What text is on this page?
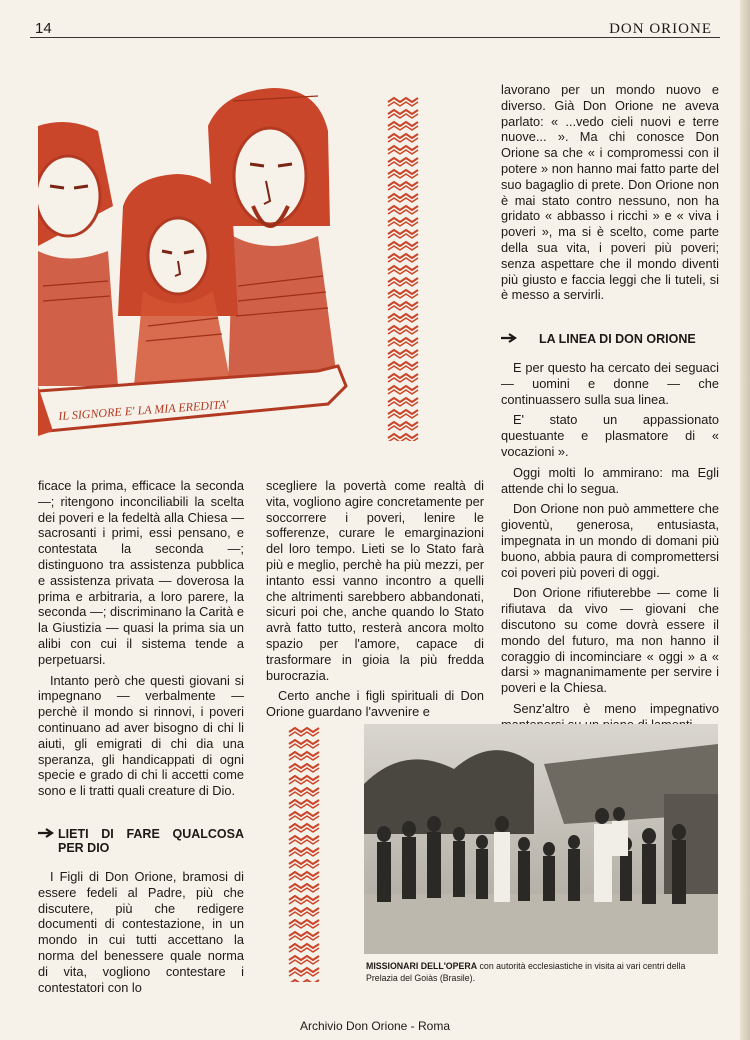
14	DON ORIONE
IL SIGNORE E' LA MIA EREDITA'

lavorano per un mondo nuovo e diverso. Già Don Orione ne aveva parlato: « ...vedo cieli nuovi e terre nuove... ». Ma chi conosce Don Orione sa che « i compromessi con il potere » non hanno mai fatto parte del suo bagaglio di prete. Don Orione non è mai stato contro nessuno, non ha gridato « abbasso i ricchi » e « viva i poveri », ma si è scelto, come parte della sua vita, i poveri più poveri; senza aspettare che il mondo diventi più giusto e faccia leggi che li tuteli, si è messo a servirli.

LA LINEA DI DON ORIONE

E per questo ha cercato dei seguaci — uomini e donne — che continuassero sulla sua linea.

E' stato un appassionato questuante e plasmatore di « vocazioni ».

Oggi molti lo ammirano: ma Egli attende chi lo segua.

Don Orione non può ammettere che gioventù, generosa, entusiasta, impegnata in un mondo di domani più buono, abbia paura di compromettersi coi poveri più poveri di oggi.

Don Orione rifiuterebbe — come li rifiutava da vivo — giovani che discutono su come dovrà essere il mondo del futuro, ma non hanno il coraggio di incominciare « oggi » a « darsi » magnanimamente per servire i poveri e la Chiesa.

Senz'altro è meno impegnativo

ficace la prima, efficace la seconda —; ritengono inconciliabili la scelta dei poveri e la fedeltà alla Chiesa — sacrosanti i primi, essi pensano, e contestata la seconda —; distinguono tra assistenza pubblica e assistenza privata — doverosa la prima e arbitraria, a loro parere, la seconda —; discriminano la Carità e la Giustizia — quasi la prima sia un alibi con cui il sistema tende a perpetuarsi.

Intanto però che questi giovani si impegnano — verbalmente — perchè il mondo si rinnovi, i poveri continuano ad aver bisogno di chi li aiuti, gli emigrati di chi dia una speranza, gli handicappati di ogni specie e grado di chi li accetti come sono e li tratti quali creature di Dio.

LIETI DI FARE QUALCOSA PER DIO

I Figli di Don Orione, bramosi di essere fedeli al Padre, più che discutere, più che redigere documenti di contestazione, in un mondo in cui tutti accettano la norma del benessere quale norma di vita, vogliono contestare i contestatori con lo

scegliere la povertà come realtà di vita, vogliono agire concretamente per soccorrere i poveri, lenire le sofferenze, curare le emarginazioni del loro tempo. Lieti se lo Stato farà più e meglio, perchè ha più mezzi, per intanto essi vanno incontro a quelli che altrimenti sarebbero abbandonati, sicuri poi che, anche quando lo Stato avrà fatto tutto, resterà ancora molto spazio per l'amore, capace di trasformare in gioia la più fredda burocrazia.

Certo anche i figli spirituali di Don Orione guardano l'avvenire e

MISSIONARI DELL'OPERA con autorità ecclesiastiche in visita ai vari centri della Prelazia del Goiàs (Brasile).
Archivio Don Orione - Roma
